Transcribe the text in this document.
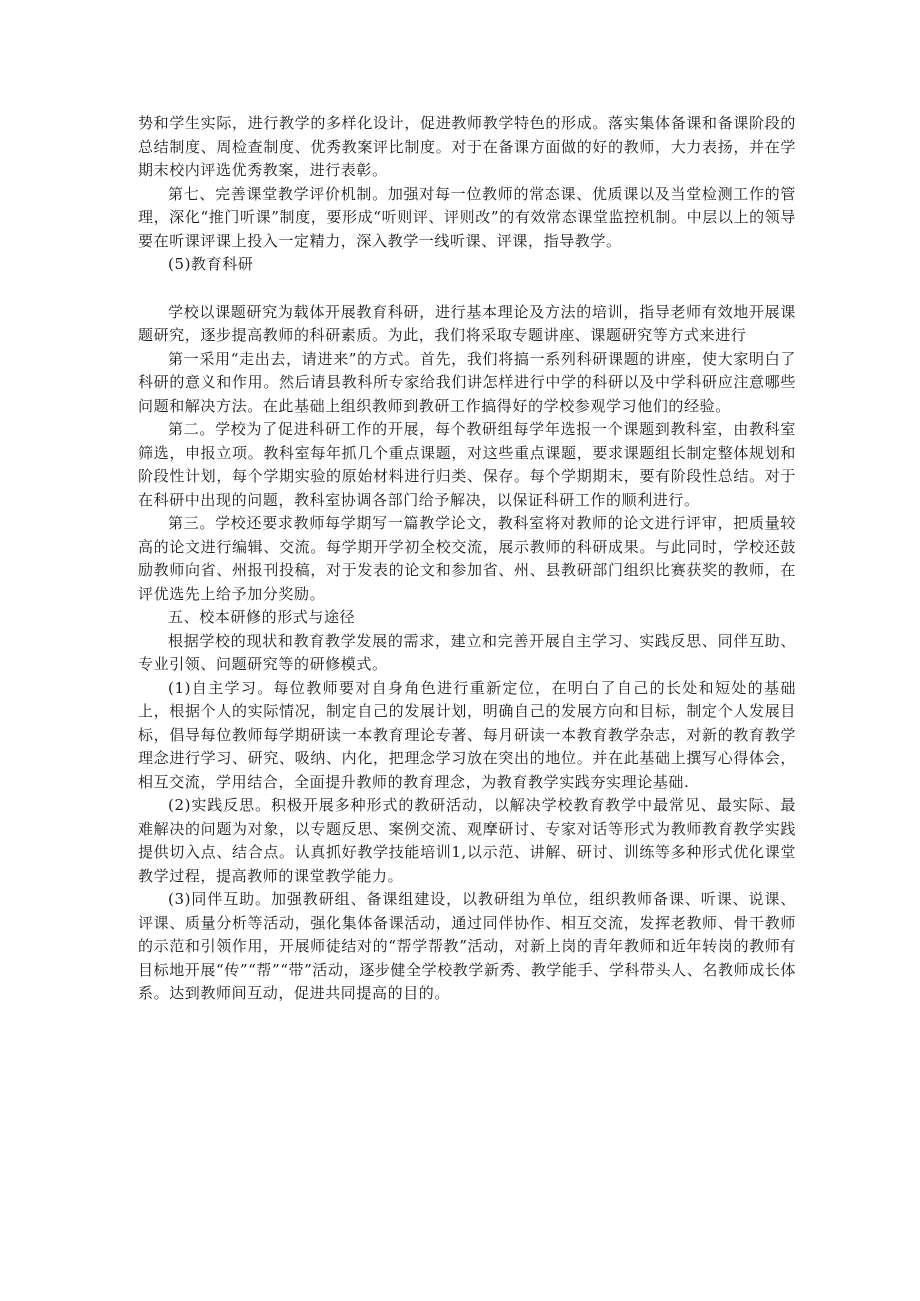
势和学生实际，进行教学的多样化设计，促进教师教学特色的形成。落实集体备课和备课阶段的总结制度、周检查制度、优秀教案评比制度。对于在备课方面做的好的教师，大力表扬，并在学期末校内评选优秀教案，进行表彰。

第七、完善课堂教学评价机制。加强对每一位教师的常态课、优质课以及当堂检测工作的管理，深化“推门听课”制度，要形成“听则评、评则改”的有效常态课堂监控机制。中层以上的领导要在听课评课上投入一定精力，深入教学一线听课、评课，指导教学。

(5)教育科研

学校以课题研究为载体开展教育科研，进行基本理论及方法的培训，指导老师有效地开展课题研究，逐步提高教师的科研素质。为此，我们将采取专题讲座、课题研究等方式来进行

第一采用“走出去，请进来”的方式。首先，我们将搞一系列科研课题的讲座，使大家明白了科研的意义和作用。然后请县教科所专家给我们讲怎样进行中学的科研以及中学科研应注意哪些问题和解决方法。在此基础上组织教师到教研工作搞得好的学校参观学习他们的经验。

第二。学校为了促进科研工作的开展，每个教研组每学年选报一个课题到教科室，由教科室筛选，申报立项。教科室每年抓几个重点课题，对这些重点课题，要求课题组长制定整体规划和阶段性计划，每个学期实验的原始材料进行归类、保存。每个学期期末，要有阶段性总结。对于在科研中出现的问题，教科室协调各部门给予解决，以保证科研工作的顺利进行。

第三。学校还要求教师每学期写一篇教学论文，教科室将对教师的论文进行评审，把质量较高的论文进行编辑、交流。每学期开学初全校交流，展示教师的科研成果。与此同时，学校还鼓励教师向省、州报刊投稿，对于发表的论文和参加省、州、县教研部门组织比赛获奖的教师，在评优选先上给予加分奖励。

五、校本研修的形式与途径

根据学校的现状和教育教学发展的需求，建立和完善开展自主学习、实践反思、同伴互助、专业引领、问题研究等的研修模式。

(1)自主学习。每位教师要对自身角色进行重新定位，在明白了自己的长处和短处的基础上，根据个人的实际情况，制定自己的发展计划，明确自己的发展方向和目标，制定个人发展目标，倡导每位教师每学期研读一本教育理论专著、每月研读一本教育教学杂志，对新的教育教学理念进行学习、研究、吸纳、内化，把理念学习放在突出的地位。并在此基础上撰写心得体会，相互交流，学用结合，全面提升教师的教育理念，为教育教学实践夯实理论基础.

(2)实践反思。积极开展多种形式的教研活动，以解决学校教育教学中最常见、最实际、最难解决的问题为对象，以专题反思、案例交流、观摩研讨、专家对话等形式为教师教育教学实践提供切入点、结合点。认真抓好教学技能培训1,以示范、讲解、研讨、训练等多种形式优化课堂教学过程，提高教师的课堂教学能力。

(3)同伴互助。加强教研组、备课组建设，以教研组为单位，组织教师备课、听课、说课、评课、质量分析等活动，强化集体备课活动，通过同伴协作、相互交流，发挥老教师、骨干教师的示范和引领作用，开展师徒结对的“帮学帮教”活动，对新上岗的青年教师和近年转岗的教师有目标地开展“传”“帮”“带”活动，逐步健全学校教学新秀、教学能手、学科带头人、名教师成长体系。达到教师间互动，促进共同提高的目的。
